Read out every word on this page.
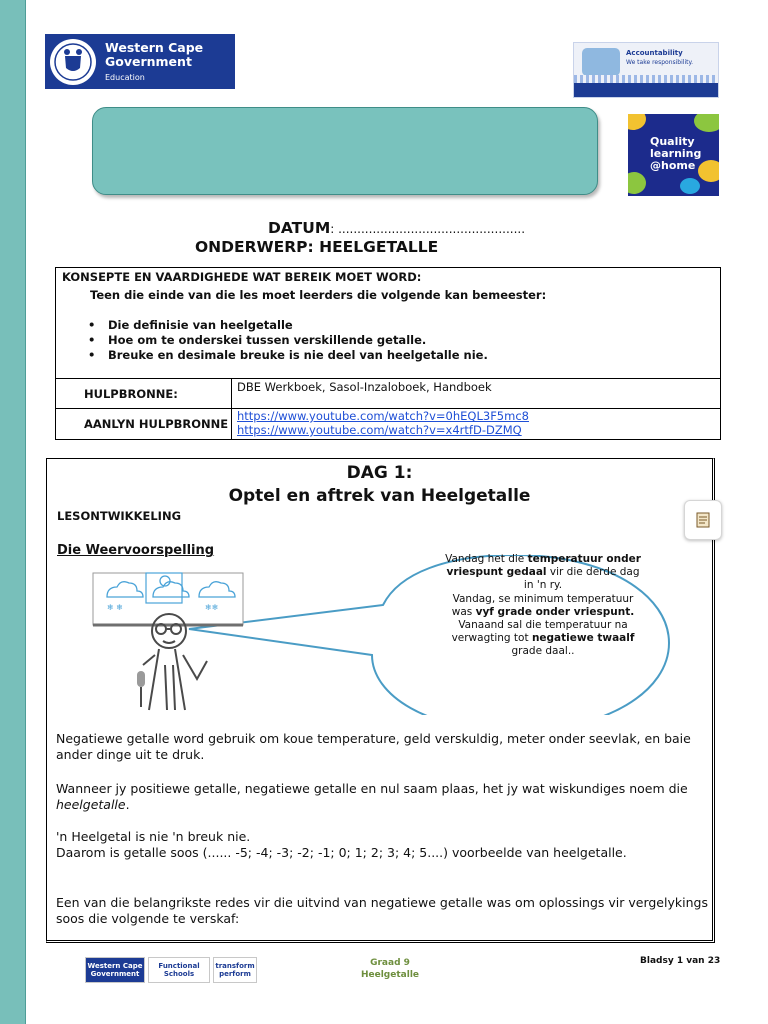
Western Cape
Government
Education
Accountability
We take responsibility.
Quality learning @home
DATUM: .................................................
ONDERWERP: HEELGETALLE
KONSEPTE EN VAARDIGHEDE WAT BEREIK MOET WORD:
Teen die einde van die les moet leerders die volgende kan bemeester:
• Die definisie van heelgetalle
• Hoe om te onderskei tussen verskillende getalle.
• Breuke en desimale breuke is nie deel van heelgetalle nie.
HULPBRONNE:	DBE Werkboek, Sasol-Inzaloboek, Handboek
AANLYN HULPBRONNE
https://www.youtube.com/watch?v=0hEQL3F5mc8
https://www.youtube.com/watch?v=x4rtfD-DZMQ
DAG 1:
Optel en aftrek van Heelgetalle
LESONTWIKKELING
Die Weervoorspelling
❄ ❄	❄❄
Vandag het die temperatuur onder vriespunt gedaal vir die derde dag in 'n ry.
Vandag, se minimum temperatuur was vyf grade onder vriespunt.
Vanaand sal die temperatuur na verwagting tot negatiewe twaalf grade daal..
Negatiewe getalle word gebruik om koue temperature, geld verskuldig, meter onder seevlak, en baie ander dinge uit te druk.
Wanneer jy positiewe getalle, negatiewe getalle en nul saam plaas, het jy wat wiskundiges noem die heelgetalle.
'n Heelgetal is nie 'n breuk nie.
Daarom is getalle soos (...... -5; -4; -3; -2; -1; 0; 1; 2; 3; 4; 5....) voorbeelde van heelgetalle.
Een van die belangrikste redes vir die uitvind van negatiewe getalle was om oplossings vir vergelykings soos die volgende te verskaf:
Western Cape Government
Functional Schools
transform perform
Graad 9
Heelgetalle
Bladsy 1 van 23
